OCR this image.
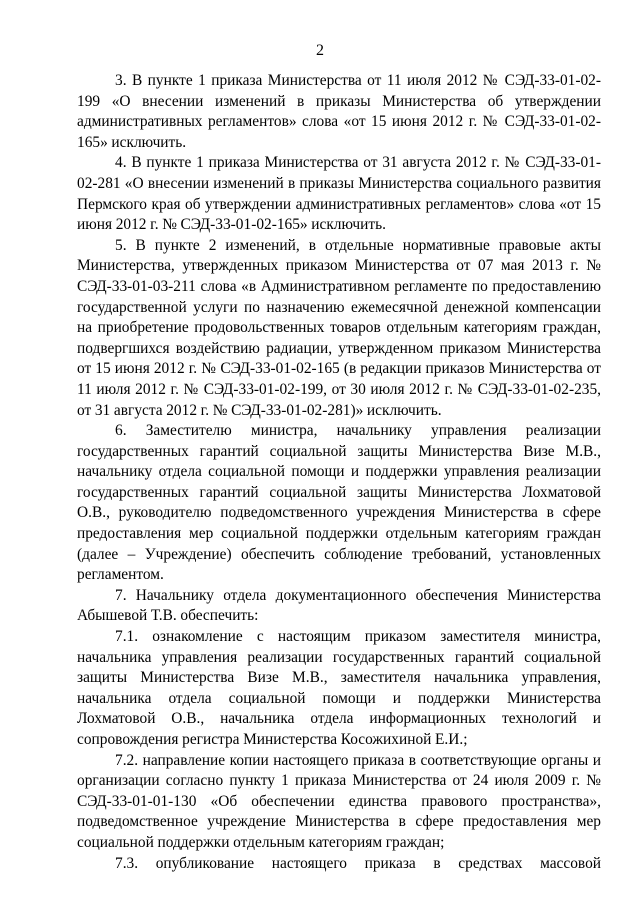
2

3. В пункте 1 приказа Министерства от 11 июля 2012 № СЭД-33-01-02-199 «О внесении изменений в приказы Министерства об утверждении административных регламентов» слова «от 15 июня 2012 г. № СЭД-33-01-02-165» исключить.

4. В пункте 1 приказа Министерства от 31 августа 2012 г. № СЭД-33-01-02-281 «О внесении изменений в приказы Министерства социального развития Пермского края об утверждении административных регламентов» слова «от 15 июня 2012 г. № СЭД-33-01-02-165» исключить.

5. В пункте 2 изменений, в отдельные нормативные правовые акты Министерства, утвержденных приказом Министерства от 07 мая 2013 г. № СЭД-33-01-03-211 слова «в Административном регламенте по предоставлению государственной услуги по назначению ежемесячной денежной компенсации на приобретение продовольственных товаров отдельным категориям граждан, подвергшихся воздействию радиации, утвержденном приказом Министерства от 15 июня 2012 г. № СЭД-33-01-02-165 (в редакции приказов Министерства от 11 июля 2012 г. № СЭД-33-01-02-199, от 30 июля 2012 г. № СЭД-33-01-02-235, от 31 августа 2012 г. № СЭД-33-01-02-281)» исключить.

6. Заместителю министра, начальнику управления реализации государственных гарантий социальной защиты Министерства Визе М.В., начальнику отдела социальной помощи и поддержки управления реализации государственных гарантий социальной защиты Министерства Лохматовой О.В., руководителю подведомственного учреждения Министерства в сфере предоставления мер социальной поддержки отдельным категориям граждан (далее – Учреждение) обеспечить соблюдение требований, установленных регламентом.

7. Начальнику отдела документационного обеспечения Министерства Абышевой Т.В. обеспечить:

7.1. ознакомление с настоящим приказом заместителя министра, начальника управления реализации государственных гарантий социальной защиты Министерства Визе М.В., заместителя начальника управления, начальника отдела социальной помощи и поддержки Министерства Лохматовой О.В., начальника отдела информационных технологий и сопровождения регистра Министерства Косожихиной Е.И.;

7.2. направление копии настоящего приказа в соответствующие органы и организации согласно пункту 1 приказа Министерства от 24 июля 2009 г. № СЭД-33-01-01-130 «Об обеспечении единства правового пространства», подведомственное учреждение Министерства в сфере предоставления мер социальной поддержки отдельным категориям граждан;

7.3. опубликование настоящего приказа в средствах массовой
